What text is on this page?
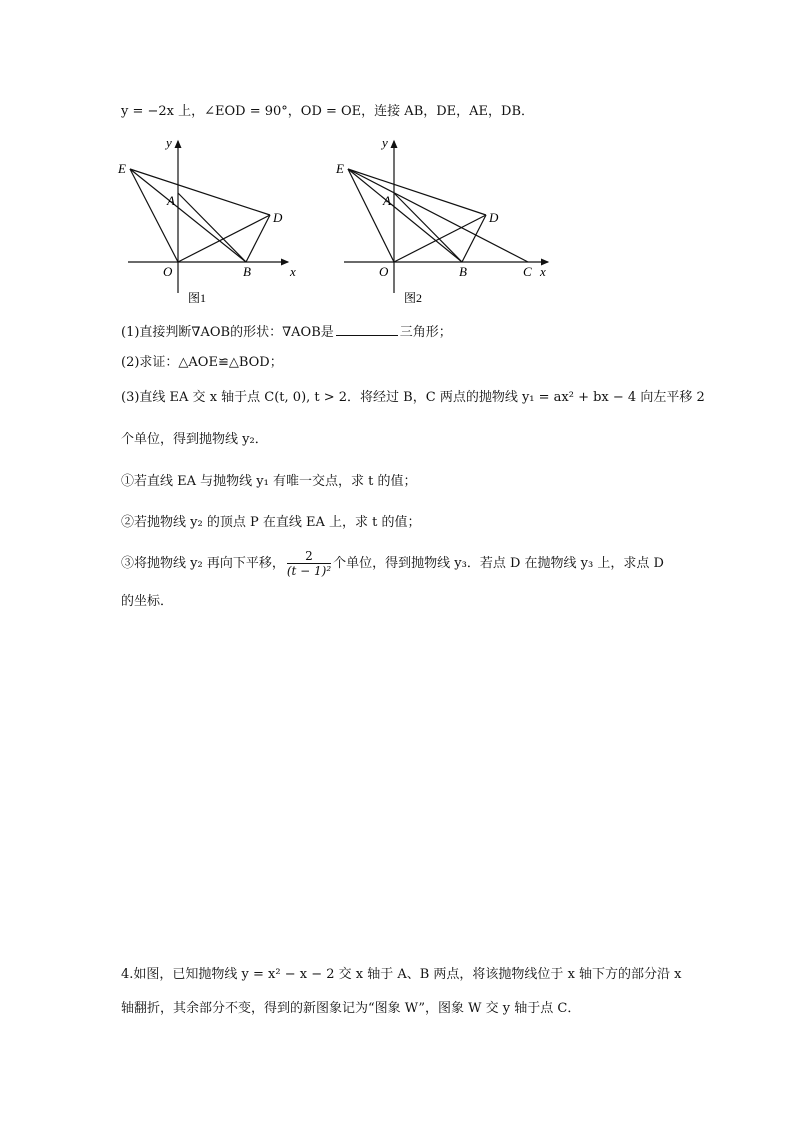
y = −2x 上，∠EOD = 90°，OD = OE，连接 AB，DE，AE，DB．
y
E
A
D
O	B	x
图1
y
E
A
D
O	B	C x
图2
(1)直接判断∇AOB的形状：∇AOB是	三角形；
(2)求证：△AOE≌△BOD；
(3)直线 EA 交 x 轴于点 C(t, 0), t > 2．将经过 B，C 两点的抛物线 y₁ = ax² + bx − 4 向左平移 2
个单位，得到抛物线 y₂．
①若直线 EA 与抛物线 y₁ 有唯一交点，求 t 的值；
②若抛物线 y₂ 的顶点 P 在直线 EA 上，求 t 的值；
③将抛物线 y₂ 再向下平移， $\frac{2}{\text{(t − 1)²}}$ 个单位，得到抛物线 y₃．若点 D 在抛物线 y₃ 上，求点 D
的坐标．
4.如图，已知抛物线 y = x² − x − 2 交 x 轴于 A、B 两点，将该抛物线位于 x 轴下方的部分沿 x
轴翻折，其余部分不变，得到的新图象记为“图象 W”，图象 W 交 y 轴于点 C．
